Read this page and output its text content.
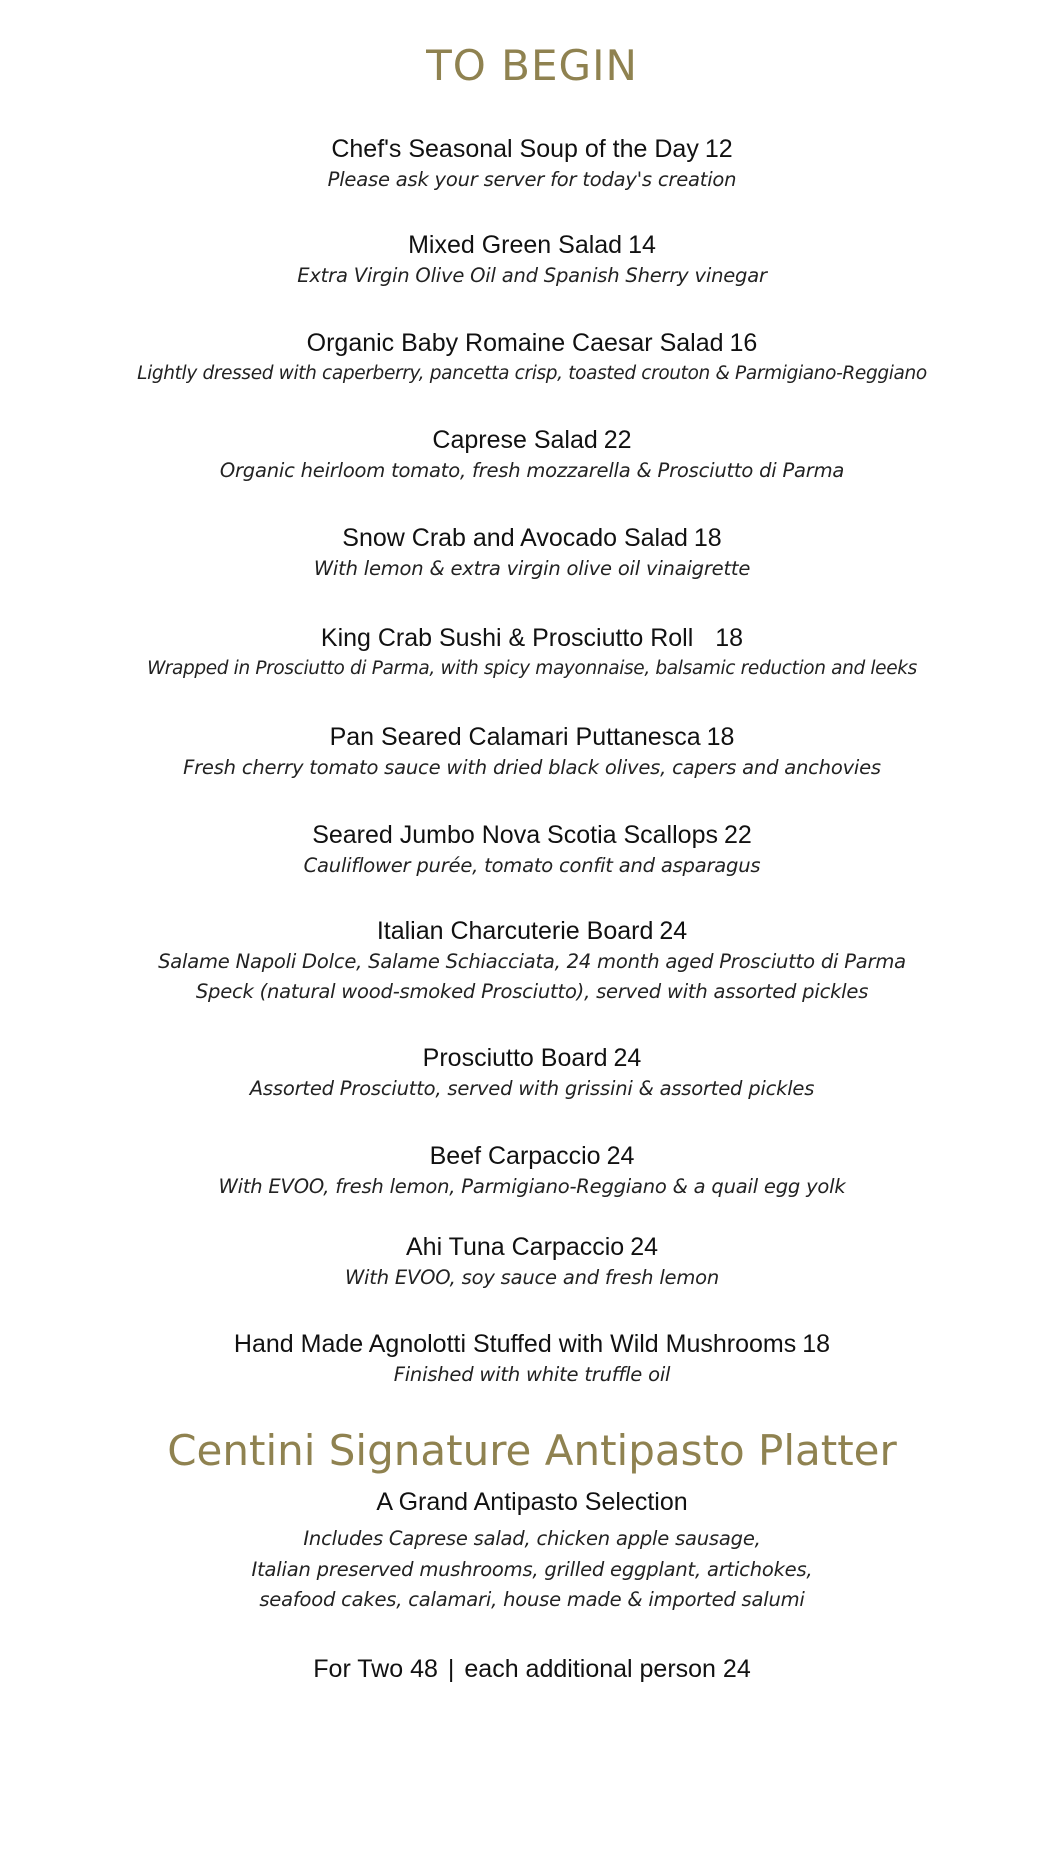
TO BEGIN
Chef's Seasonal Soup of the Day 12
Please ask your server for today's creation
Mixed Green Salad 14
Extra Virgin Olive Oil and Spanish Sherry vinegar
Organic Baby Romaine Caesar Salad 16
Lightly dressed with caperberry, pancetta crisp, toasted crouton & Parmigiano-Reggiano
Caprese Salad 22
Organic heirloom tomato, fresh mozzarella & Prosciutto di Parma
Snow Crab and Avocado Salad 18
With lemon & extra virgin olive oil vinaigrette
King Crab Sushi & Prosciutto Roll 18
Wrapped in Prosciutto di Parma, with spicy mayonnaise, balsamic reduction and leeks
Pan Seared Calamari Puttanesca 18
Fresh cherry tomato sauce with dried black olives, capers and anchovies
Seared Jumbo Nova Scotia Scallops 22
Cauliflower purée, tomato confit and asparagus
Italian Charcuterie Board 24
Salame Napoli Dolce, Salame Schiacciata, 24 month aged Prosciutto di Parma
Speck (natural wood-smoked Prosciutto), served with assorted pickles
Prosciutto Board 24
Assorted Prosciutto, served with grissini & assorted pickles
Beef Carpaccio 24
With EVOO, fresh lemon, Parmigiano-Reggiano & a quail egg yolk
Ahi Tuna Carpaccio 24
With EVOO, soy sauce and fresh lemon
Hand Made Agnolotti Stuffed with Wild Mushrooms 18
Finished with white truffle oil
Centini Signature Antipasto Platter
A Grand Antipasto Selection
Includes Caprese salad, chicken apple sausage,
Italian preserved mushrooms, grilled eggplant, artichokes,
seafood cakes, calamari, house made & imported salumi
For Two 48 | each additional person 24
